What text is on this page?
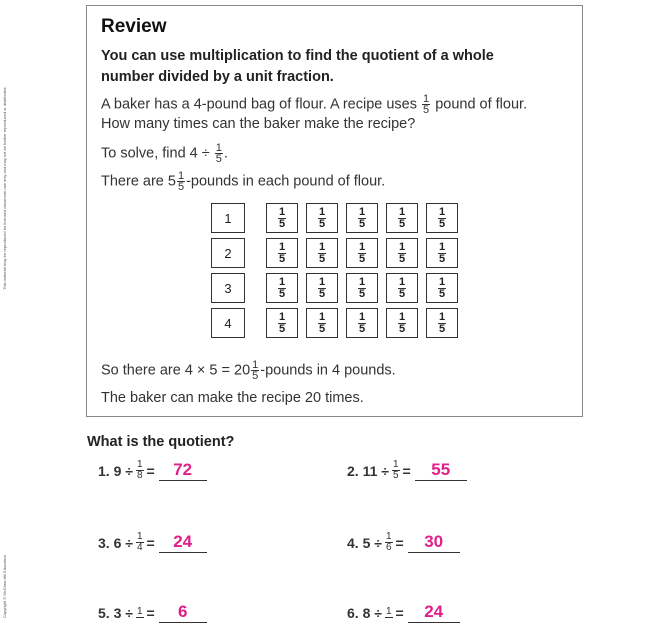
This material may be reproduced for licensed classroom use only and may not be further reproduced or distributed.
Copyright © McGraw-Hill Education
Review
You can use multiplication to find the quotient of a whole
number divided by a unit fraction.
A baker has a 4-pound bag of flour. A recipe uses $\frac{1}{5}$ pound of flour.
How many times can the baker make the recipe?
To solve, find $4 \div \frac{1}{5}$ .
There are $5 \frac{1}{5}$ -pounds in each pound of flour.
1	$\frac{1}{5}$	$\frac{1}{5}$	$\frac{1}{5}$	$\frac{1}{5}$	$\frac{1}{5}$
2	$\frac{1}{5}$	$\frac{1}{5}$	$\frac{1}{5}$	$\frac{1}{5}$	$\frac{1}{5}$
3	$\frac{1}{5}$	$\frac{1}{5}$	$\frac{1}{5}$	$\frac{1}{5}$	$\frac{1}{5}$
4	$\frac{1}{5}$	$\frac{1}{5}$	$\frac{1}{5}$	$\frac{1}{5}$	$\frac{1}{5}$
So there are $4 \times 5 = 20 \frac{1}{5}$ -pounds in 4 pounds.
The baker can make the recipe 20 times.
What is the quotient?
1. $9 \div \frac{1}{8}$ =	72	2. $11 \div \frac{1}{5}$ =	55
3. $6 \div \frac{1}{4}$ =	24	4. $5 \div \frac{1}{6}$ =	30
5. 3 ÷ 1 =	6	6. 8 ÷ 1 =	24
